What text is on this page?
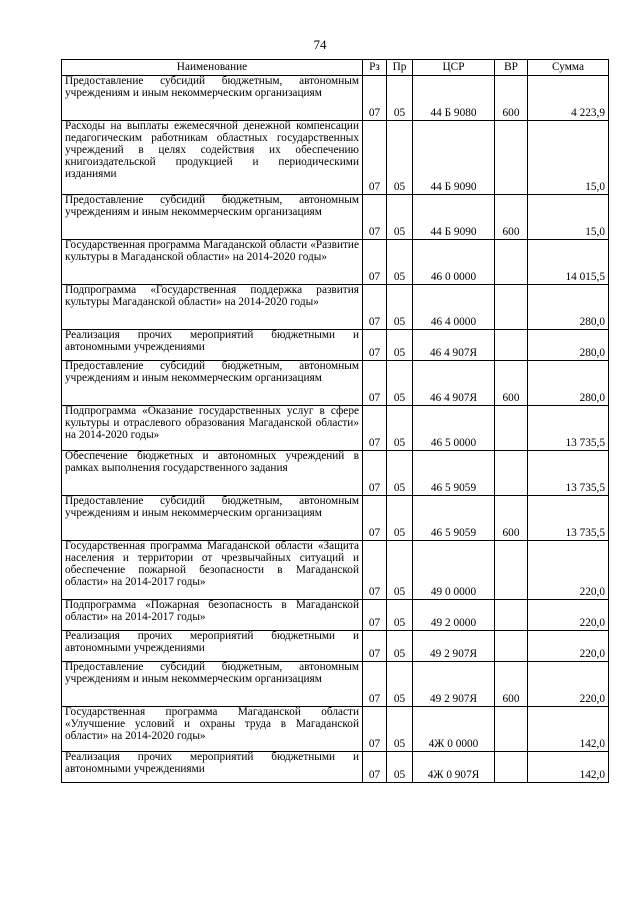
74
Наименование	Рз	Пр	ЦСР	ВР	Сумма
Предоставление субсидий бюджетным, автономным учреждениям и иным некоммерческим организациям	07	05	44 Б 9080	600	4 223,9
Расходы на выплаты ежемесячной денежной компенсации педагогическим работникам областных государственных учреждений в целях содействия их обеспечению книгоиздательской продукцией и периодическими изданиями	07	05	44 Б 9090		15,0
Предоставление субсидий бюджетным, автономным учреждениям и иным некоммерческим организациям	07	05	44 Б 9090	600	15,0
Государственная программа Магаданской области «Развитие культуры в Магаданской области» на 2014-2020 годы»	07	05	46 0 0000		14 015,5
Подпрограмма «Государственная поддержка развития культуры Магаданской области» на 2014-2020 годы»	07	05	46 4 0000		280,0
Реализация прочих мероприятий бюджетными и автономными учреждениями	07	05	46 4 907Я		280,0
Предоставление субсидий бюджетным, автономным учреждениям и иным некоммерческим организациям	07	05	46 4 907Я	600	280,0
Подпрограмма «Оказание государственных услуг в сфере культуры и отраслевого образования Магаданской области» на 2014-2020 годы»	07	05	46 5 0000		13 735,5
Обеспечение бюджетных и автономных учреждений в рамках выполнения государственного задания	07	05	46 5 9059		13 735,5
Предоставление субсидий бюджетным, автономным учреждениям и иным некоммерческим организациям	07	05	46 5 9059	600	13 735,5
Государственная программа Магаданской области «Защита населения и территории от чрезвычайных ситуаций и обеспечение пожарной безопасности в Магаданской области» на 2014-2017 годы»	07	05	49 0 0000		220,0
Подпрограмма «Пожарная безопасность в Магаданской области» на 2014-2017 годы»	07	05	49 2 0000		220,0
Реализация прочих мероприятий бюджетными и автономными учреждениями	07	05	49 2 907Я		220,0
Предоставление субсидий бюджетным, автономным учреждениям и иным некоммерческим организациям	07	05	49 2 907Я	600	220,0
Государственная программа Магаданской области «Улучшение условий и охраны труда в Магаданской области» на 2014-2020 годы»	07	05	4Ж 0 0000		142,0
Реализация прочих мероприятий бюджетными и автономными учреждениями	07	05	4Ж 0 907Я		142,0
